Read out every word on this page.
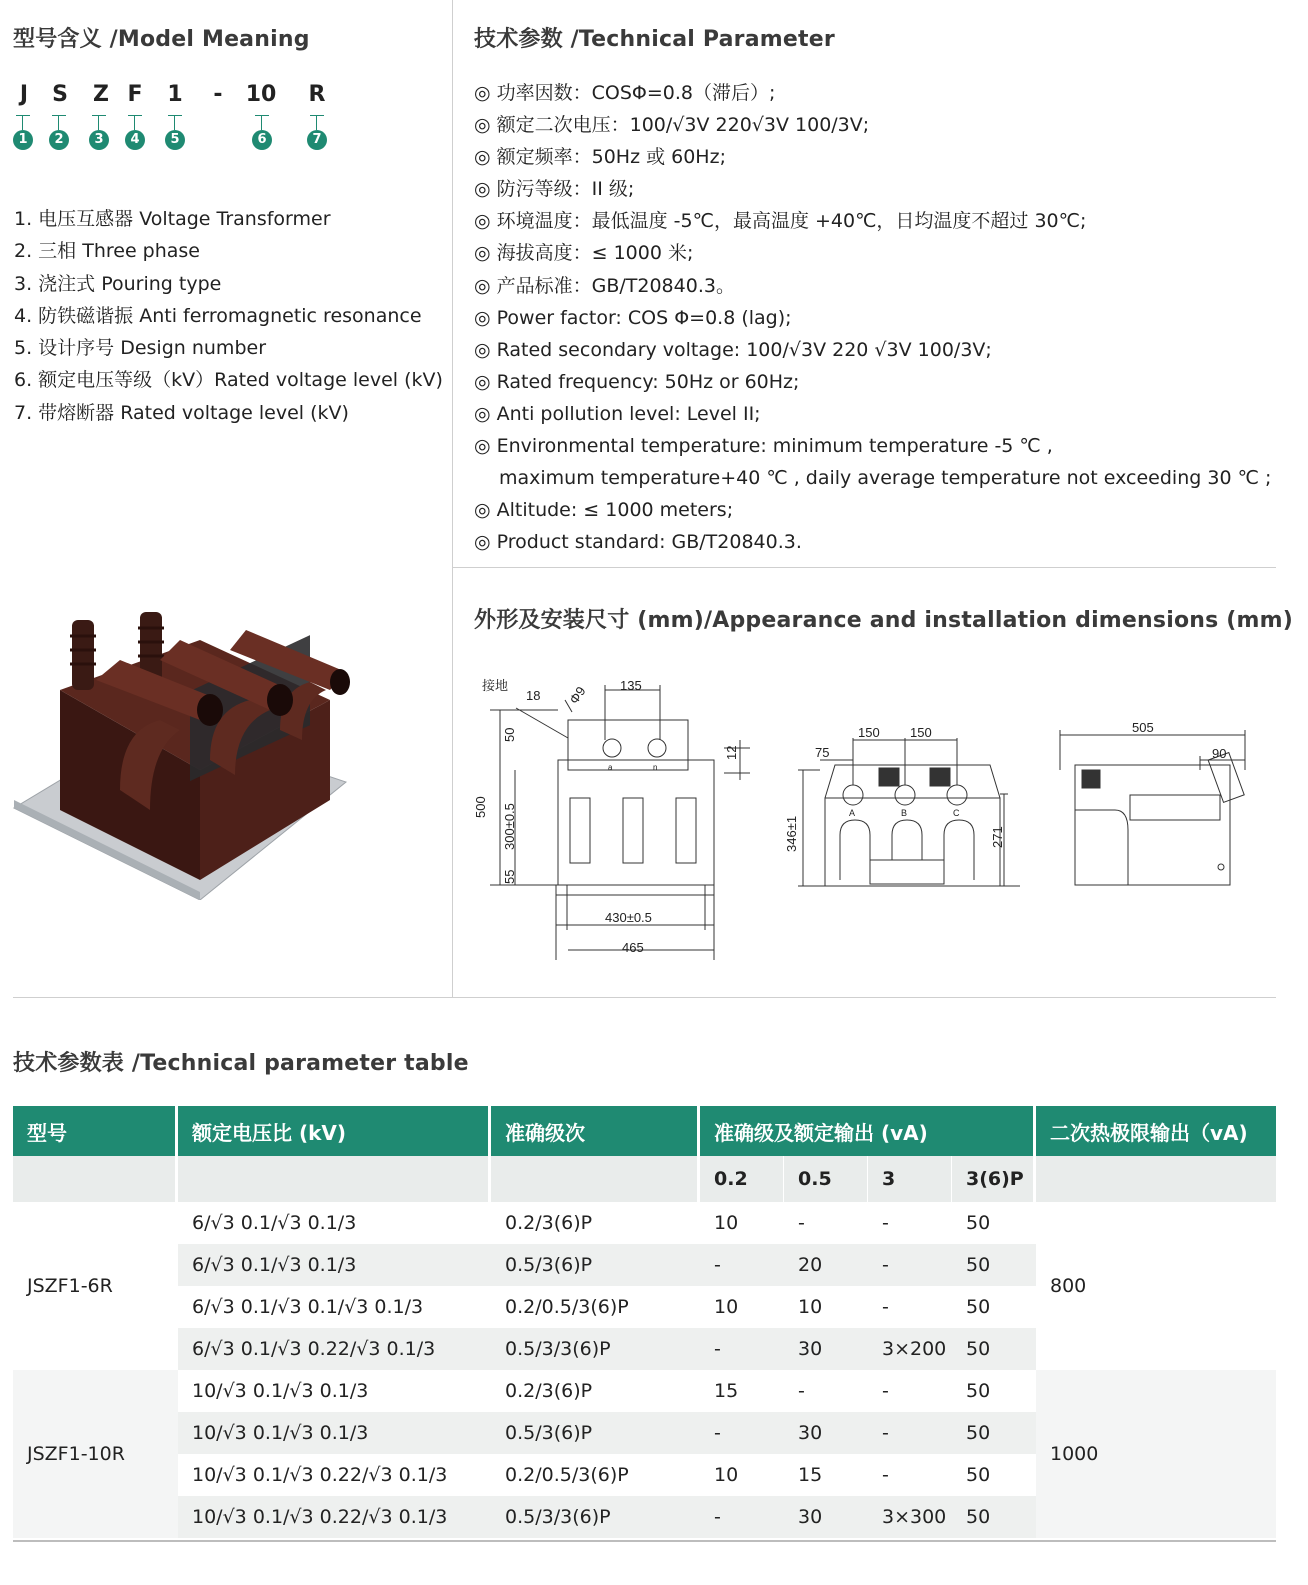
型号含义 /Model Meaning
J	S Z F 1	-	10 R
1	2	3	4	5	6	7
1. 电压互感器 Voltage Transformer
2. 三相 Three phase
3. 浇注式 Pouring type
4. 防铁磁谐振 Anti ferromagnetic resonance
5. 设计序号 Design number
6. 额定电压等级（kV）Rated voltage level (kV)
7. 带熔断器 Rated voltage level (kV)
技术参数 /Technical Parameter
◎ 功率因数：COSΦ=0.8（滞后）;
◎ 额定二次电压：100/√3V 220√3V 100/3V;
◎ 额定频率：50Hz 或 60Hz;
◎ 防污等级：II 级;
◎ 环境温度：最低温度 -5℃，最高温度 +40℃，日均温度不超过 30℃;
◎ 海拔高度：≤ 1000 米;
◎ 产品标准：GB/T20840.3。
◎ Power factor: COS Φ=0.8 (lag);
◎ Rated secondary voltage: 100/√3V 220 √3V 100/3V;
◎ Rated frequency: 50Hz or 60Hz;
◎ Anti pollution level: Level II;
◎ Environmental temperature: minimum temperature -5 ℃ ,
maximum temperature+40 ℃ , daily average temperature not exceeding 30 ℃ ;
◎ Altitude: ≤ 1000 meters;
◎ Product standard: GB/T20840.3.
外形及安装尺寸 (mm)/Appearance and installation dimensions (mm)
接地
18 Φ9 135
50
12
500 300±0.5
55
430±0.5
465
a	n
75
150 150
346±1	271
A	B	C
505
90
技术参数表 /Technical parameter table
型号	额定电压比 (kV)	准确级次	准确级及额定输出 (vA)				二次热极限输出（vA)
			0.2	0.5	3	3(6)P	
JSZF1-6R	6/√3 0.1/√3 0.1/3	0.2/3(6)P	10	-	-	50	800
	6/√3 0.1/√3 0.1/3	0.5/3(6)P	-	20	-	50	
	6/√3 0.1/√3 0.1/√3 0.1/3	0.2/0.5/3(6)P	10	10	-	50	
	6/√3 0.1/√3 0.22/√3 0.1/3	0.5/3/3(6)P	-	30	3×200	50	
JSZF1-10R	10/√3 0.1/√3 0.1/3	0.2/3(6)P	15	-	-	50	1000
	10/√3 0.1/√3 0.1/3	0.5/3(6)P	-	30	-	50	
	10/√3 0.1/√3 0.22/√3 0.1/3	0.2/0.5/3(6)P	10	15	-	50	
	10/√3 0.1/√3 0.22/√3 0.1/3	0.5/3/3(6)P	-	30	3×300	50	
